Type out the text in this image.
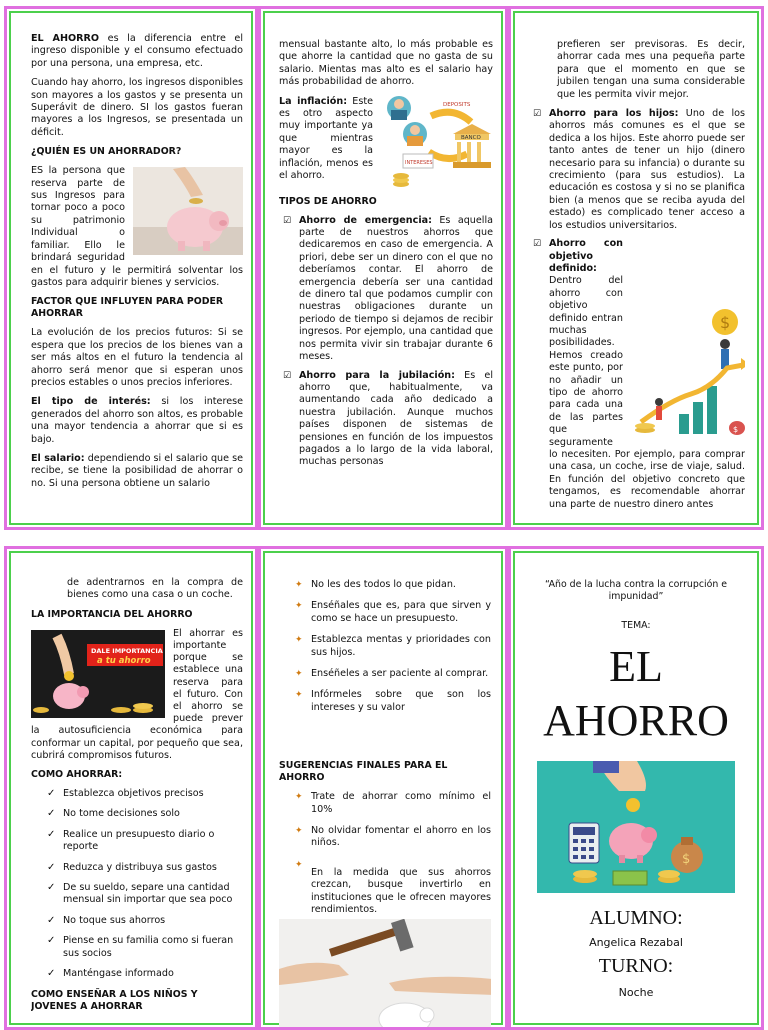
EL AHORRO es la diferencia entre el ingreso disponible y el consumo efectuado por una persona, una empresa, etc.

Cuando hay ahorro, los ingresos disponibles son mayores a los gastos y se presenta un Superávit de dinero. SI los gastos fueran mayores a los Ingresos, se presentada un déficit.

¿QUIÉN ES UN AHORRADOR?

ES la persona que reserva parte de sus Ingresos para tornar poco a poco su patrimonio Individual o familiar. Ello le brindará seguridad en el futuro y le permitirá solventar los gastos para adquirir bienes y servicios.

FACTOR QUE INFLUYEN PARA PODER AHORRAR

La evolución de los precios futuros: Si se espera que los precios de los bienes van a ser más altos en el futuro la tendencia al ahorro será menor que si esperan unos precios estables o unos precios inferiores.

El tipo de interés: si los interese generados del ahorro son altos, es probable una mayor tendencia a ahorrar que si es bajo.

El salario: dependiendo si el salario que se recibe, se tiene la posibilidad de ahorrar o no. Si una persona obtiene un salario

mensual bastante alto, lo más probable es que ahorre la cantidad que no gasta de su salario. Mientas mas alto es el salario hay más probabilidad de ahorro.

DEPOSITS
BANCO
INTERESES

La inflación: Este es otro aspecto muy importante ya que mientras mayor es la inflación, menos es el ahorro.

TIPOS DE AHORRO
☑ Ahorro de emergencia: Es aquella parte de nuestros ahorros que dedicaremos en caso de emergencia. A priori, debe ser un dinero con el que no deberíamos contar. El ahorro de emergencia debería ser una cantidad de dinero tal que podamos cumplir con nuestras obligaciones durante un periodo de tiempo si dejamos de recibir ingresos. Por ejemplo, una cantidad que nos permita vivir sin trabajar durante 6 meses.
☑ Ahorro para la jubilación: Es el ahorro que, habitualmente, va aumentando cada año dedicado a nuestra jubilación. Aunque muchos países disponen de sistemas de pensiones en función de los impuestos pagados a lo largo de la vida laboral, muchas personas

prefieren ser previsoras. Es decir, ahorrar cada mes una pequeña parte para que el momento en que se jubilen tengan una suma considerable que les permita vivir mejor.

☑ Ahorro para los hijos: Uno de los ahorros más comunes es el que se dedica a los hijos. Este ahorro puede ser tanto antes de tener un hijo (dinero necesario para su infancia) o durante su crecimiento (para sus estudios). La educación es costosa y si no se planifica bien (a menos que se reciba ayuda del estado) es complicado tener acceso a los estudios universitarios.
☑
$
$
Ahorro con objetivo definido: Dentro del ahorro con objetivo definido entran muchas posibilidades. Hemos creado este punto, por no añadir un tipo de ahorro para cada una de las partes que seguramente lo necesiten. Por ejemplo, para comprar una casa, un coche, irse de viaje, salud. En función del objetivo concreto que tengamos, es recomendable ahorrar una parte de nuestro dinero antes

de adentrarnos en la compra de bienes como una casa o un coche.

LA IMPORTANCIA DEL AHORRO
DALE IMPORTANCIA
a tu ahorro

El ahorrar es importante porque se establece una reserva para el futuro. Con el ahorro se puede prever la autosuficiencia económica para conformar un capital, por pequeño que sea, cubrirá compromisos futuros.

COMO AHORRAR:
✓ Establezca objetivos precisos
✓ No tome decisiones solo
✓ Realice un presupuesto diario o reporte
✓ Reduzca y distribuya sus gastos
✓ De su sueldo, separe una cantidad mensual sin importar que sea poco
✓ No toque sus ahorros
✓ Piense en su familia como si fueran sus socios
✓ Manténgase informado
COMO ENSEÑAR A LOS NIÑOS Y JOVENES A AHORRAR
✦ No les des todos lo que pidan.
✦ Enséñales que es, para que sirven y como se hace un presupuesto.
✦ Establezca mentas y prioridades con sus hijos.
✦ Enséñeles a ser paciente al comprar.
✦ Infórmeles sobre que son los intereses y su valor
SUGERENCIAS FINALES PARA EL AHORRO
✦ Trate de ahorrar como mínimo el 10%
✦ No olvidar fomentar el ahorro en los niños.
✦
En la medida que sus ahorros crezcan, busque invertirlo en instituciones que le ofrecen mayores rendimientos.
“Año de la lucha contra la corrupción e impunidad”
TEMA:
EL
AHORRO
$
ALUMNO:
Angelica Rezabal
TURNO:
Noche
